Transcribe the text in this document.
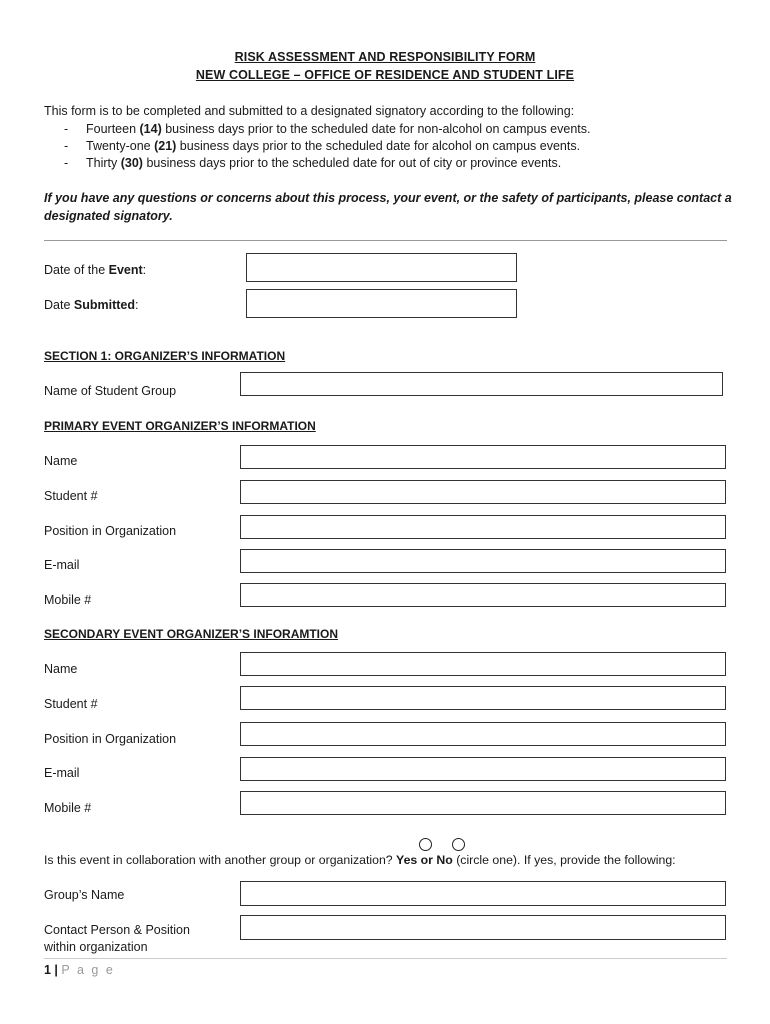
RISK ASSESSMENT AND RESPONSIBILITY FORM
NEW COLLEGE – OFFICE OF RESIDENCE AND STUDENT LIFE
This form is to be completed and submitted to a designated signatory according to the following:
- Fourteen (14) business days prior to the scheduled date for non-alcohol on campus events.
- Twenty-one (21) business days prior to the scheduled date for alcohol on campus events.
- Thirty (30) business days prior to the scheduled date for out of city or province events.
If you have any questions or concerns about this process, your event, or the safety of participants, please contact a
designated signatory.
Date of the Event:
Date Submitted:
SECTION 1: ORGANIZER’S INFORMATION
Name of Student Group
PRIMARY EVENT ORGANIZER’S INFORMATION
Name
Student #
Position in Organization
E-mail
Mobile #
SECONDARY EVENT ORGANIZER’S INFORAMTION
Name
Student #
Position in Organization
E-mail
Mobile #
Is this event in collaboration with another group or organization? Yes or No (circle one). If yes, provide the following:
Group’s Name
Contact Person & Position
within organization
1 | P a g e
